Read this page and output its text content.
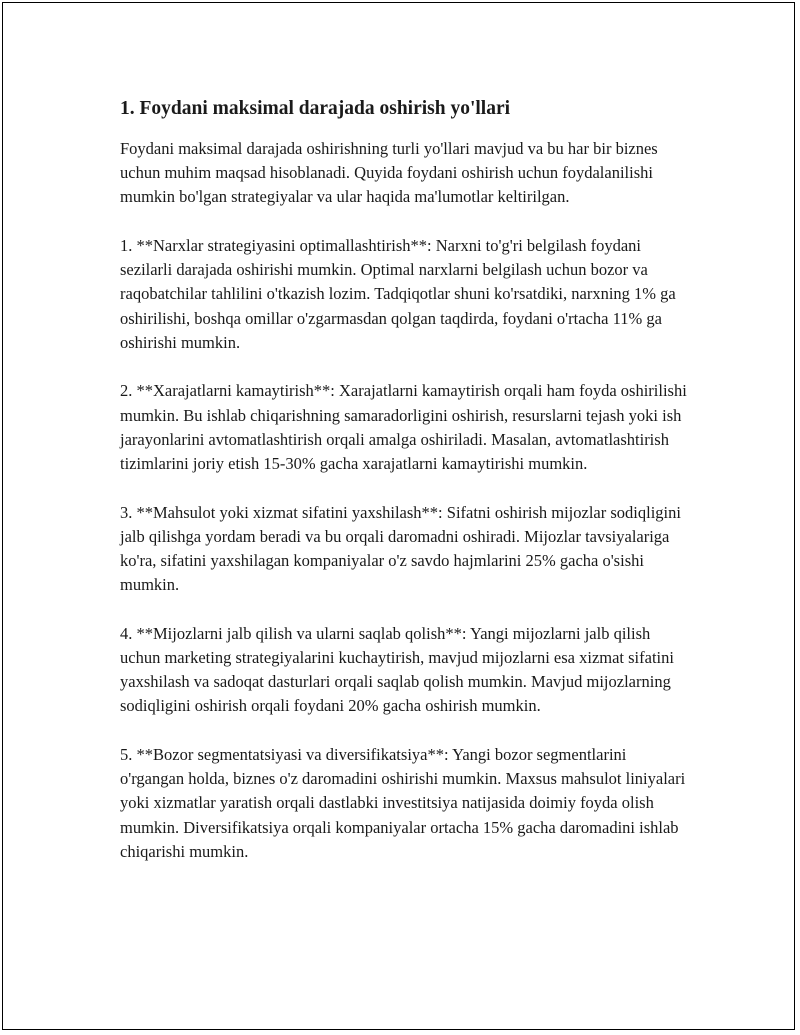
1. Foydani maksimal darajada oshirish yo'llari

Foydani maksimal darajada oshirishning turli yo'llari mavjud va bu har bir biznes uchun muhim maqsad hisoblanadi. Quyida foydani oshirish uchun foydalanilishi mumkin bo'lgan strategiyalar va ular haqida ma'lumotlar keltirilgan.

1. **Narxlar strategiyasini optimallashtirish**: Narxni to'g'ri belgilash foydani sezilarli darajada oshirishi mumkin. Optimal narxlarni belgilash uchun bozor va raqobatchilar tahlilini o'tkazish lozim. Tadqiqotlar shuni ko'rsatdiki, narxning 1% ga oshirilishi, boshqa omillar o'zgarmasdan qolgan taqdirda, foydani o'rtacha 11% ga oshirishi mumkin.

2. **Xarajatlarni kamaytirish**: Xarajatlarni kamaytirish orqali ham foyda oshirilishi mumkin. Bu ishlab chiqarishning samaradorligini oshirish, resurslarni tejash yoki ish jarayonlarini avtomatlashtirish orqali amalga oshiriladi. Masalan, avtomatlashtirish tizimlarini joriy etish 15-30% gacha xarajatlarni kamaytirishi mumkin.

3. **Mahsulot yoki xizmat sifatini yaxshilash**: Sifatni oshirish mijozlar sodiqligini jalb qilishga yordam beradi va bu orqali daromadni oshiradi. Mijozlar tavsiyalariga ko'ra, sifatini yaxshilagan kompaniyalar o'z savdo hajmlarini 25% gacha o'sishi mumkin.

4. **Mijozlarni jalb qilish va ularni saqlab qolish**: Yangi mijozlarni jalb qilish uchun marketing strategiyalarini kuchaytirish, mavjud mijozlarni esa xizmat sifatini yaxshilash va sadoqat dasturlari orqali saqlab qolish mumkin. Mavjud mijozlarning sodiqligini oshirish orqali foydani 20% gacha oshirish mumkin.

5. **Bozor segmentatsiyasi va diversifikatsiya**: Yangi bozor segmentlarini o'rgangan holda, biznes o'z daromadini oshirishi mumkin. Maxsus mahsulot liniyalari yoki xizmatlar yaratish orqali dastlabki investitsiya natijasida doimiy foyda olish mumkin. Diversifikatsiya orqali kompaniyalar ortacha 15% gacha daromadini ishlab chiqarishi mumkin.
